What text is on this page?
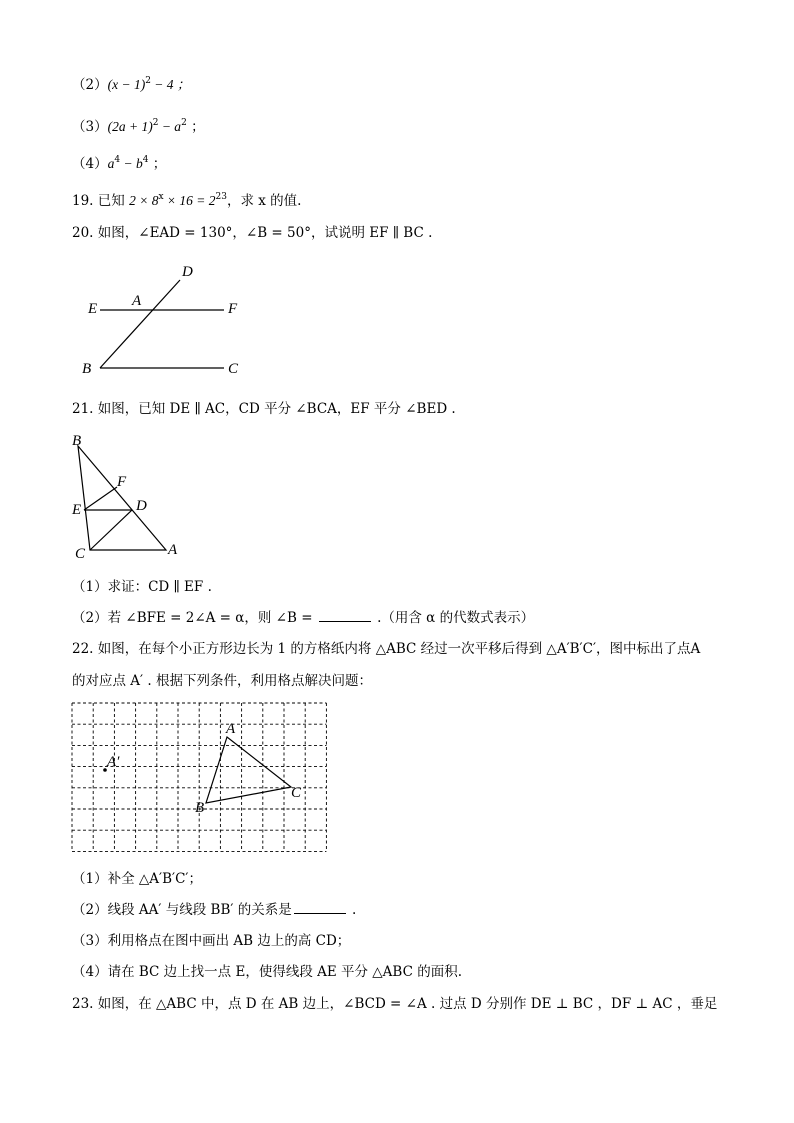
$(2)(x - 1)^2 - 4$ ；
$(3)(2a + 1)^2 - a^2$ ；
$(4)a^4 - b^4$ ；
19. 已知 $2 \times 8^x \times 16 = 2^{23}$，求 x 的值.
20. 如图，∠EAD = 130°，∠B = 50°，试说明 EF ∥ BC .
D
E A	F
B	C
21. 如图，已知 DE ∥ AC，CD 平分 ∠BCA，EF 平分 ∠BED .
B
F
E	D
C	A
（1）求证：CD ∥ EF .
（2）若 ∠BFE = 2∠A = α，则 ∠B =	.（用含 α 的代数式表示）
22. 如图，在每个小正方形边长为 1 的方格纸内将 △ABC 经过一次平移后得到 △A′B′C′，图中标出了点A
的对应点 A′ . 根据下列条件，利用格点解决问题：
A
A′
B
C
（1）补全 △A′B′C′；
（2）线段 AA′ 与线段 BB′ 的关系是	.
（3）利用格点在图中画出 AB 边上的高 CD；
（4）请在 BC 边上找一点 E，使得线段 AE 平分 △ABC 的面积.
23. 如图，在 △ABC 中，点 D 在 AB 边上，∠BCD = ∠A . 过点 D 分别作 DE ⊥ BC ，DF ⊥ AC ，垂足
